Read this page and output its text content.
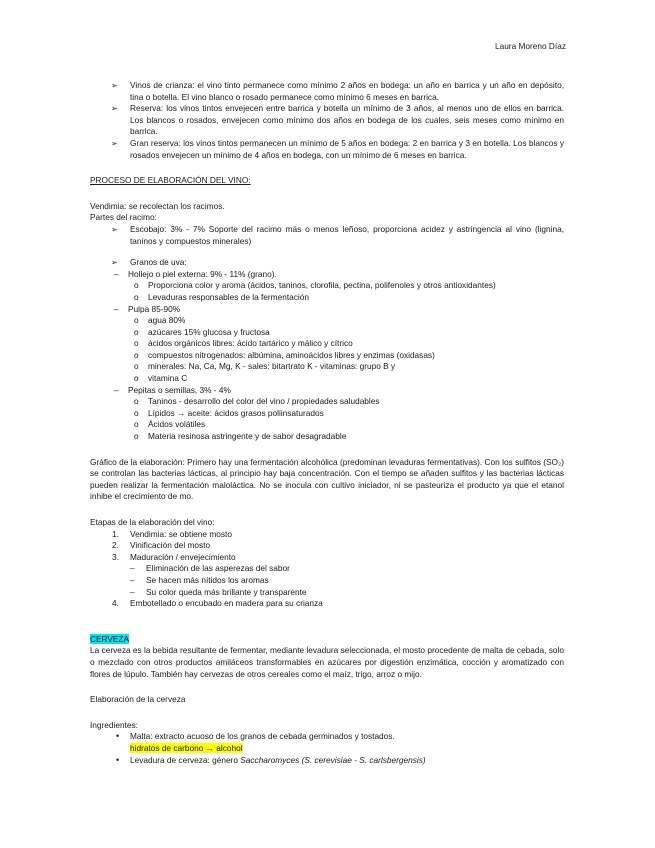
Laura Moreno Díaz
➢ Vinos de crianza: el vino tinto permanece como mínimo 2 años en bodega: un año en barrica y un año en depósito, tina o botella. El vino blanco o rosado permanece como mínimo 6 meses en barrica.
➢ Reserva: los vinos tintos envejecen entre barrica y botella un mínimo de 3 años, al menos uno de ellos en barrica. Los blancos o rosados, envejecen como mínimo dos años en bodega de los cuales, seis meses como mínimo en barrica.
➢ Gran reserva: los vinos tintos permanecen un mínimo de 5 años en bodega: 2 en barrica y 3 en botella. Los blancos y rosados envejecen un mínimo de 4 años en bodega, con un mínimo de 6 meses en barrica.

PROCESO DE ELABORACIÓN DEL VINO:

Vendimia: se recolectan los racimos.

Partes del racimo:

➢ Escobajo: 3% - 7% Soporte del racimo más o menos leñoso, proporciona acidez y astringencia al vino (lignina, taninos y compuestos minerales)
➢ Granos de uva:
– Hollejo o piel externa: 9% - 11% (grano).
o Proporciona color y aroma (ácidos, taninos, clorofila, pectina, polifenoles y otros antioxidantes)
o Levaduras responsables de la fermentación
– Pulpa 85-90%
o agua 80%
o azúcares 15% glucosa y fructosa
o ácidos orgánicos libres: ácido tartárico y málico y cítrico
o compuestos nitrogenados: albúmina, aminoácidos libres y enzimas (oxidasas)
o minerales: Na, Ca, Mg, K - sales: bitartrato K - vitaminas: grupo B y
o vitamina C
– Pepitas o semillas, 3% - 4%
o Taninos - desarrollo del color del vino / propiedades saludables
o Lípidos → aceite: ácidos grasos poliinsaturados
o Ácidos volátiles
o Materia resinosa astringente y de sabor desagradable

Gráfico de la elaboración: Primero hay una fermentación alcohólica (predominan levaduras fermentativas). Con los sulfitos (SO₂) se controlan las bacterias lácticas, al principio hay baja concentración. Con el tiempo se añaden sulfitos y las bacterias lácticas pueden realizar la fermentación maloláctica. No se inocula con cultivo iniciador, ni se pasteuriza el producto ya que el etanol inhibe el crecimiento de mo.

Etapas de la elaboración del vino:

1. Vendimia: se obtiene mosto
2. Vinificación del mosto
3. Maduración / envejecimiento
– Eliminación de las asperezas del sabor
– Se hacen más nítidos los aromas
– Su color queda más brillante y transparente
4. Embotellado o encubado en madera para su crianza

CERVEZA

La cerveza es la bebida resultante de fermentar, mediante levadura seleccionada, el mosto procedente de malta de cebada, solo o mezclado con otros productos amiláceos transformables en azúcares por digestión enzimática, cocción y aromatizado con flores de lúpulo. También hay cervezas de otros cereales como el maíz, trigo, arroz o mijo.

Elaboración de la cerveza

Ingredientes:

• Malta: extracto acuoso de los granos de cebada germinados y tostados.
hidratos de carbono → alcohol
• Levadura de cerveza: género Saccharomyces (S. cerevisiae - S. carlsbergensis)
